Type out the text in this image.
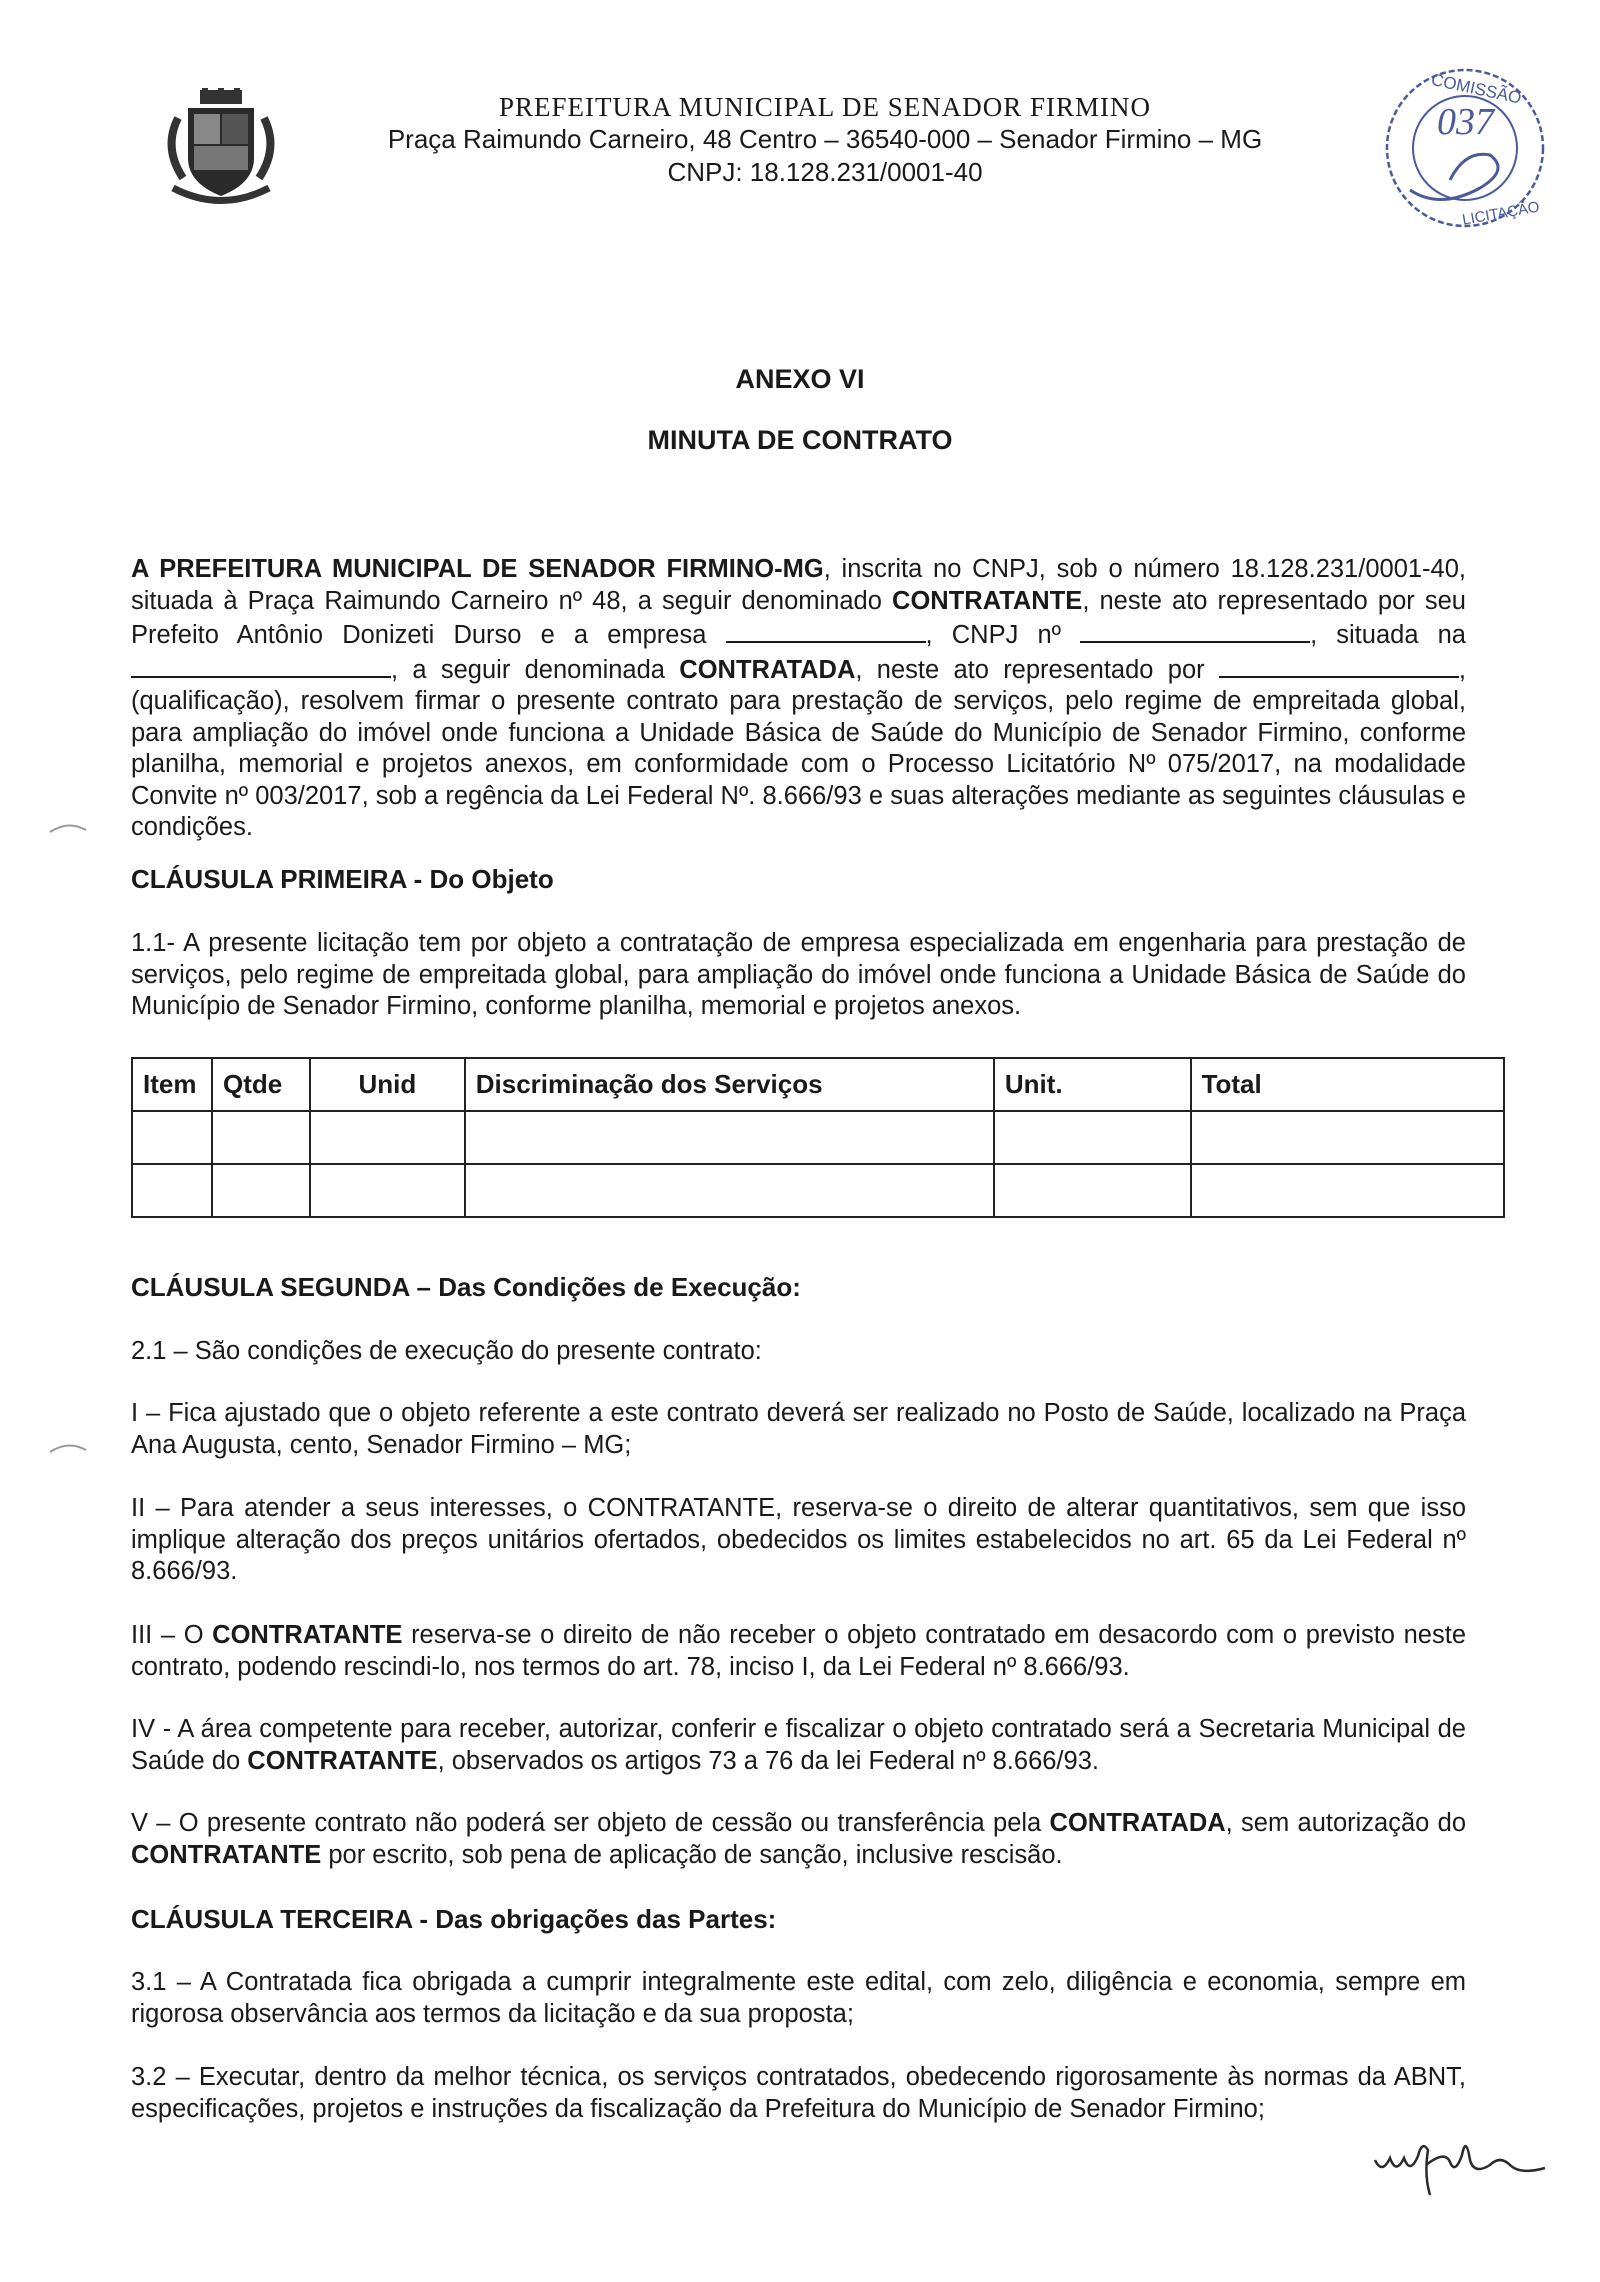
PREFEITURA MUNICIPAL DE SENADOR FIRMINO
Praça Raimundo Carneiro, 48 Centro – 36540-000 – Senador Firmino – MG
CNPJ: 18.128.231/0001-40
COMISSÃO
LICITAÇÃO
037
ANEXO VI
MINUTA DE CONTRATO
A PREFEITURA MUNICIPAL DE SENADOR FIRMINO-MG, inscrita no CNPJ, sob o número 18.128.231/0001-40, situada à Praça Raimundo Carneiro nº 48, a seguir denominado CONTRATANTE, neste ato representado por seu Prefeito Antônio Donizeti Durso e a empresa	, CNPJ nº	, situada na , a seguir denominada CONTRATADA, neste ato representado por	, (qualificação), resolvem firmar o presente contrato para prestação de serviços, pelo regime de empreitada global, para ampliação do imóvel onde funciona a Unidade Básica de Saúde do Município de Senador Firmino, conforme planilha, memorial e projetos anexos, em conformidade com o Processo Licitatório Nº 075/2017, na modalidade Convite nº 003/2017, sob a regência da Lei Federal Nº. 8.666/93 e suas alterações mediante as seguintes cláusulas e condições.
CLÁUSULA PRIMEIRA - Do Objeto
1.1- A presente licitação tem por objeto a contratação de empresa especializada em engenharia para prestação de serviços, pelo regime de empreitada global, para ampliação do imóvel onde funciona a Unidade Básica de Saúde do Município de Senador Firmino, conforme planilha, memorial e projetos anexos.
Item	Qtde	Unid	Discriminação dos Serviços	Unit.	Total

CLÁUSULA SEGUNDA – Das Condições de Execução:
2.1 – São condições de execução do presente contrato:
I – Fica ajustado que o objeto referente a este contrato deverá ser realizado no Posto de Saúde, localizado na Praça Ana Augusta, cento, Senador Firmino – MG;
II – Para atender a seus interesses, o CONTRATANTE, reserva-se o direito de alterar quantitativos, sem que isso implique alteração dos preços unitários ofertados, obedecidos os limites estabelecidos no art. 65 da Lei Federal nº 8.666/93.
III – O CONTRATANTE reserva-se o direito de não receber o objeto contratado em desacordo com o previsto neste contrato, podendo rescindi-lo, nos termos do art. 78, inciso I, da Lei Federal nº 8.666/93.
IV - A área competente para receber, autorizar, conferir e fiscalizar o objeto contratado será a Secretaria Municipal de Saúde do CONTRATANTE, observados os artigos 73 a 76 da lei Federal nº 8.666/93.
V – O presente contrato não poderá ser objeto de cessão ou transferência pela CONTRATADA, sem autorização do CONTRATANTE por escrito, sob pena de aplicação de sanção, inclusive rescisão.
CLÁUSULA TERCEIRA - Das obrigações das Partes:
3.1 – A Contratada fica obrigada a cumprir integralmente este edital, com zelo, diligência e economia, sempre em rigorosa observância aos termos da licitação e da sua proposta;
3.2 – Executar, dentro da melhor técnica, os serviços contratados, obedecendo rigorosamente às normas da ABNT, especificações, projetos e instruções da fiscalização da Prefeitura do Município de Senador Firmino;
